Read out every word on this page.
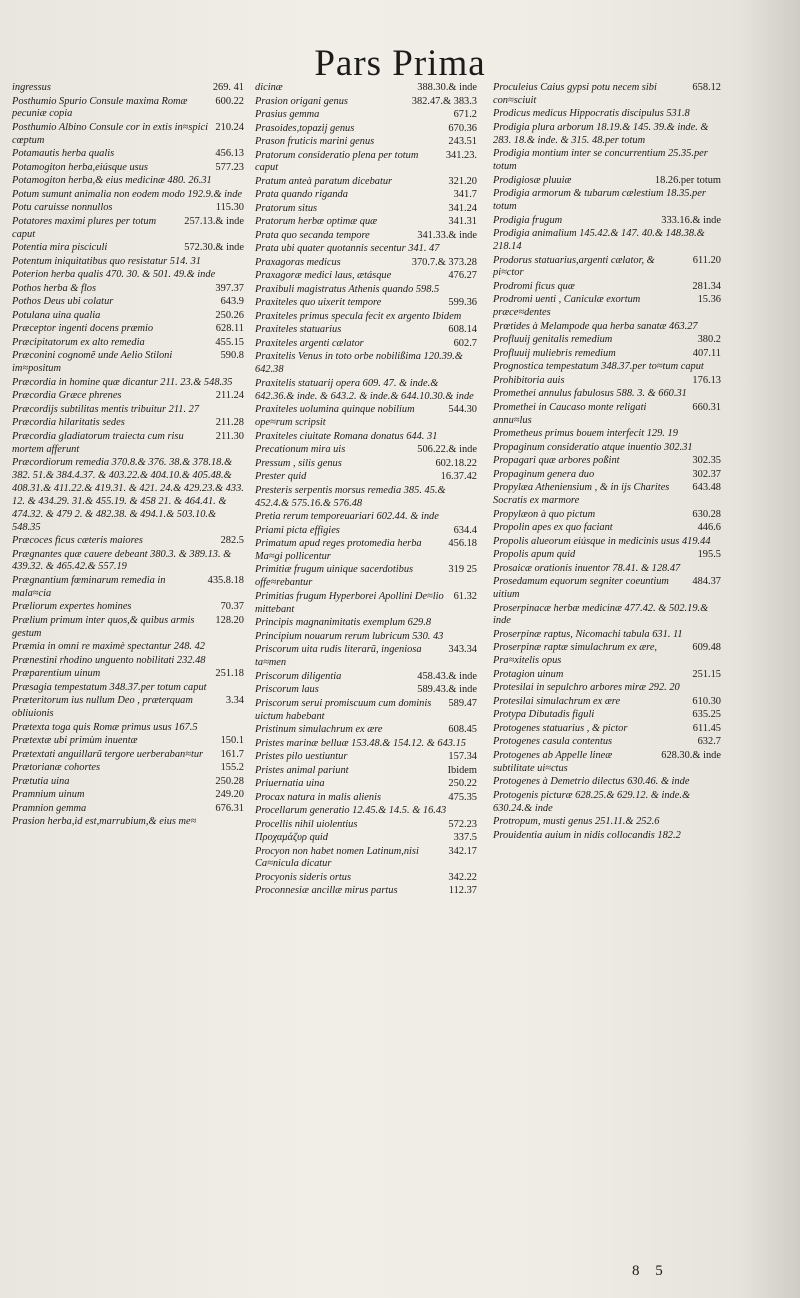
Pars Prima

269. 41
ingressus

600.22
Posthumio Spurio Consule maxima Romæ pecuniæ copia

210.24
Posthumio Albino Consule cor in extis in≈spici cœptum

456.13
Potamautis herba qualis

577.23
Potamogiton herba,eiúsque usus

Potamogiton herba,& eius medicinæ 480. 26.31

Potum sumunt animalia non eodem modo 192.9.& inde

115.30
Potu caruisse nonnullos

257.13.& inde
Potatores maximi plures per totum caput

572.30.& inde
Potentia mira pisciculi

Potentum iniquitatibus quo resistatur 514. 31

Poterion herba qualis 470. 30. & 501. 49.& inde

397.37
Pothos herba & flos

643.9
Pothos Deus ubi colatur

250.26
Potulana uina qualia

628.11
Præceptor ingenti docens præmio

455.15
Præcipitatorum ex alto remedia

590.8
Præconini cognomẽ unde Aelio Stiloni im≈positum

Præcordia in homine quæ dicantur 211. 23.& 548.35

211.24
Præcordia Græce phrenes

Præcordijs subtilitas mentis tribuitur 211. 27

211.28
Præcordia hilaritatis sedes

211.30
Præcordia gladiatorum traiecta cum risu mortem afferunt

Præcordiorum remedia 370.8.& 376. 38.& 378.18.& 382. 51.& 384.4.37. & 403.22.& 404.10.& 405.48.& 408.31.& 411.22.& 419.31. & 421. 24.& 429.23.& 433. 12. & 434.29. 31.& 455.19. & 458 21. & 464.41. & 474.32. & 479 2. & 482.38. & 494.1.& 503.10.& 548.35

282.5
Præcoces ficus cæteris maiores

Prægnantes quæ cauere debeant 380.3. & 389.13. & 439.32. & 465.42.& 557.19

435.8.18
Prægnantium fœminarum remedia in mala≈cia

70.37
Præliorum expertes homines

128.20
Prælium primum inter quos,& quibus armis gestum

Præmia in omni re maximè spectantur 248. 42

Prænestini rhodino unguento nobilitati 232.48

251.18
Præparentium uinum

Præsagia tempestatum 348.37.per totum caput

3.34
Præteritorum ius nullum Deo , præterquam obliuionis

Prætexta toga quis Romæ primus usus 167.5

150.1
Prætextæ ubi primùm inuentæ

161.7
Prætextati anguillarũ tergore uerberaban≈tur

155.2
Prætorianæ cohortes

250.28
Prætutia uina

249.20
Pramnium uinum

676.31
Pramnion gemma

Prasion herba,id est,marrubium,& eius me≈

388.30.& inde
dicinæ

382.47.& 383.3
Prasion origani genus

671.2
Prasius gemma

670.36
Prasoides,topazij genus

243.51
Prason fruticis marini genus

341.23.
Pratorum consideratio plena per totum caput

321.20
Pratum anteà paratum dicebatur

341.7
Prata quando riganda

341.24
Pratorum situs

341.31
Pratorum herbæ optimæ quæ

341.33.& inde
Prata quo secanda tempore

Prata ubi quater quotannis secentur 341. 47

370.7.& 373.28
Praxagoras medicus

476.27
Praxagoræ medici laus, ætásque

Praxibuli magistratus Athenis quando 598.5

599.36
Praxiteles quo uixerit tempore

Praxiteles primus specula fecit ex argento Ibidem

608.14
Praxiteles statuarius

602.7
Praxiteles argenti cælator

Praxitelis Venus in toto orbe nobilißima 120.39.& 642.38

Praxitelis statuarij opera 609. 47. & inde.& 642.36.& inde. & 643.2. & inde.& 644.10.30.& inde

544.30
Praxiteles uolumina quinque nobilium ope≈rum scripsit

Praxiteles ciuitate Romana donatus 644. 31

506.22.& inde
Precationum mira uis

602.18.22
Pressum , silis genus

16.37.42
Prester quid

Presteris serpentis morsus remedia 385. 45.& 452.4.& 575.16.& 576.48

Pretia rerum temporeuariari 602.44. & inde

634.4
Priami picta effigies

456.18
Primatum apud reges protomedia herba Ma≈gi pollicentur

319 25
Primitiæ frugum uinique sacerdotibus offe≈rebantur

61.32
Primitias frugum Hyperborei Apollini De≈lio mittebant

Principis magnanimitatis exemplum 629.8

Principium nouarum rerum lubricum 530. 43

343.34
Priscorum uita rudis literarũ, ingeniosa ta≈men

458.43.& inde
Priscorum diligentia

589.43.& inde
Priscorum laus

589.47
Priscorum serui promiscuum cum dominis uictum habebant

608.45
Pristinum simulachrum ex ære

Pristes marinæ belluæ 153.48.& 154.12. & 643.15

157.34
Pristes pilo uestiuntur

Ibidem
Pristes animal pariunt

250.22
Priuernatia uina

475.35
Procax natura in malis alienis

Procellarum generatio 12.45.& 14.5. & 16.43

572.23
Procellis nihil uiolentius

337.5
Προχαμάζυρ quid

342.17
Procyon non habet nomen Latinum,nisi Ca≈nicula dicatur

342.22
Procyonis sideris ortus

112.37
Proconnesiæ ancillæ mirus partus

658.12
Proculeius Caius gypsi potu necem sibi con≈sciuit

Prodicus medicus Hippocratis discipulus 531.8

Prodigia plura arborum 18.19.& 145. 39.& inde. & 283. 18.& inde. & 315. 48.per totum

Prodigia montium inter se concurrentium 25.35.per totum

18.26.per totum
Prodigiosæ pluuiæ

Prodigia armorum & tubarum cælestium 18.35.per totum

333.16.& inde
Prodigia frugum

Prodigia animalium 145.42.& 147. 40.& 148.38.& 218.14

611.20
Prodorus statuarius,argenti cælator, & pi≈ctor

281.34
Prodromi ficus quæ

15.36
Prodromi uenti , Caniculæ exortum præce≈dentes

Prœtides à Melampode qua herba sanatæ 463.27

380.2
Profluuij genitalis remedium

407.11
Profluuij muliebris remedium

Prognostica tempestatum 348.37.per to≈tum caput

176.13
Prohibitoria auis

Promethei annulus fabulosus 588. 3. & 660.31

660.31
Promethei in Caucaso monte religati annu≈lus

Prometheus primus bouem interfecit 129. 19

Propaginum consideratio atque inuentio 302.31

302.35
Propagari quæ arbores poßint

302.37
Propaginum genera duo

643.48
Propylæa Atheniensium , & in ijs Charites Socratis ex marmore

630.28
Propylæon à quo pictum

446.6
Propolin apes ex quo faciant

Propolis alueorum eiúsque in medicinis usus 419.44

195.5
Propolis apum quid

Prosaicæ orationis inuentor 78.41. & 128.47

484.37
Prosedamum equorum segniter coeuntium uitium

Proserpinacæ herbæ medicinæ 477.42. & 502.19.& inde

Proserpinæ raptus, Nicomachi tabula 631. 11

609.48
Proserpinæ raptæ simulachrum ex ære, Pra≈xitelis opus

251.15
Protagion uinum

Protesilai in sepulchro arbores miræ 292. 20

610.30
Protesilai simulachrum ex ære

635.25
Protypa Dibutadis figuli

611.45
Protogenes statuarius , & pictor

632.7
Protogenes casula contentus

628.30.& inde
Protogenes ab Appelle lineæ subtilitate ui≈ctus

Protogenes à Demetrio dilectus 630.46. & inde

Protogenis picturæ 628.25.& 629.12. & inde.& 630.24.& inde

Protropum, musti genus 251.11.& 252.6

Prouidentia auium in nidis collocandis 182.2

8 5
